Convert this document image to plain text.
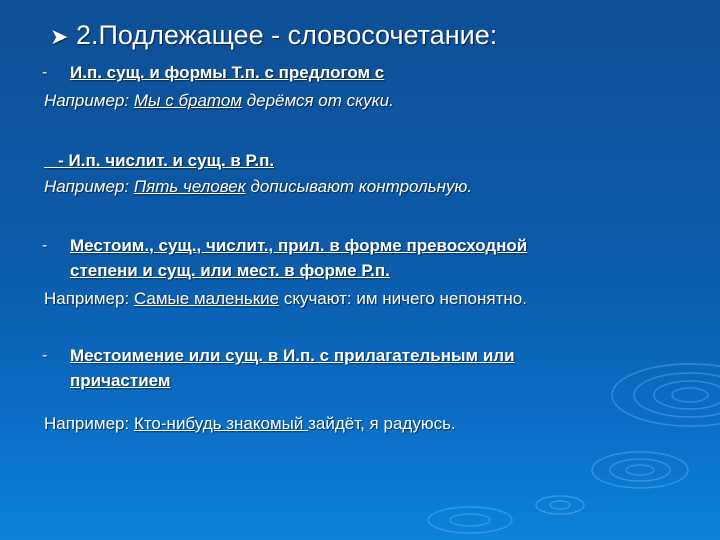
➤ 2.Подлежащее - словосочетание:
- И.п. сущ. и формы Т.п. с предлогом с
Например: Мы с братом дерёмся от скуки.
- И.п. числит. и сущ. в Р.п.
Например: Пять человек дописывают контрольную.
- Местоим., сущ., числит., прил. в форме превосходной
степени и сущ. или мест. в форме Р.п.
Например: Самые маленькие скучают: им ничего непонятно.
- Местоимение или сущ. в И.п. с прилагательным или
причастием
Например: Кто-нибудь знакомый зайдёт, я радуюсь.
